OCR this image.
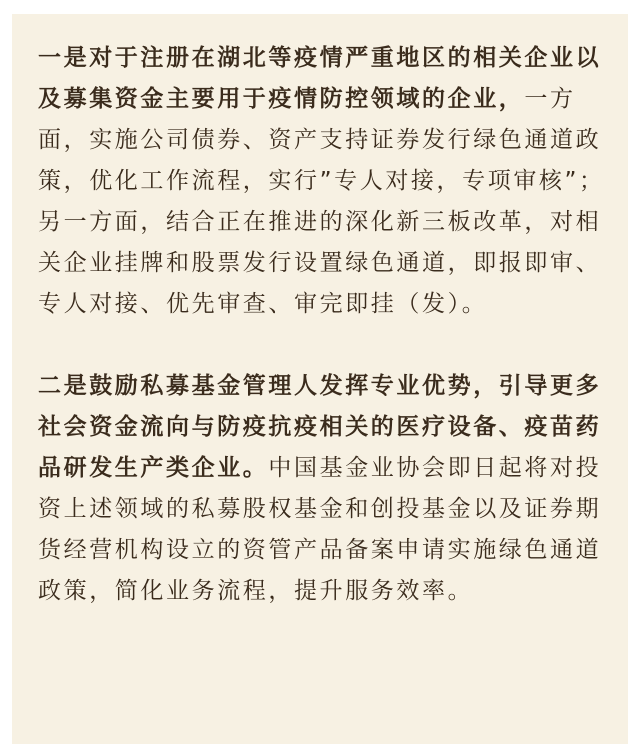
一是对于注册在湖北等疫情严重地区的相关企业以及募集资金主要用于疫情防控领域的企业，一方面，实施公司债券、资产支持证券发行绿色通道政策，优化工作流程，实行”专人对接，专项审核”；另一方面，结合正在推进的深化新三板改革，对相关企业挂牌和股票发行设置绿色通道，即报即审、专人对接、优先审查、审完即挂（发）。

二是鼓励私募基金管理人发挥专业优势，引导更多社会资金流向与防疫抗疫相关的医疗设备、疫苗药品研发生产类企业。中国基金业协会即日起将对投资上述领域的私募股权基金和创投基金以及证券期货经营机构设立的资管产品备案申请实施绿色通道政策，简化业务流程，提升服务效率。
